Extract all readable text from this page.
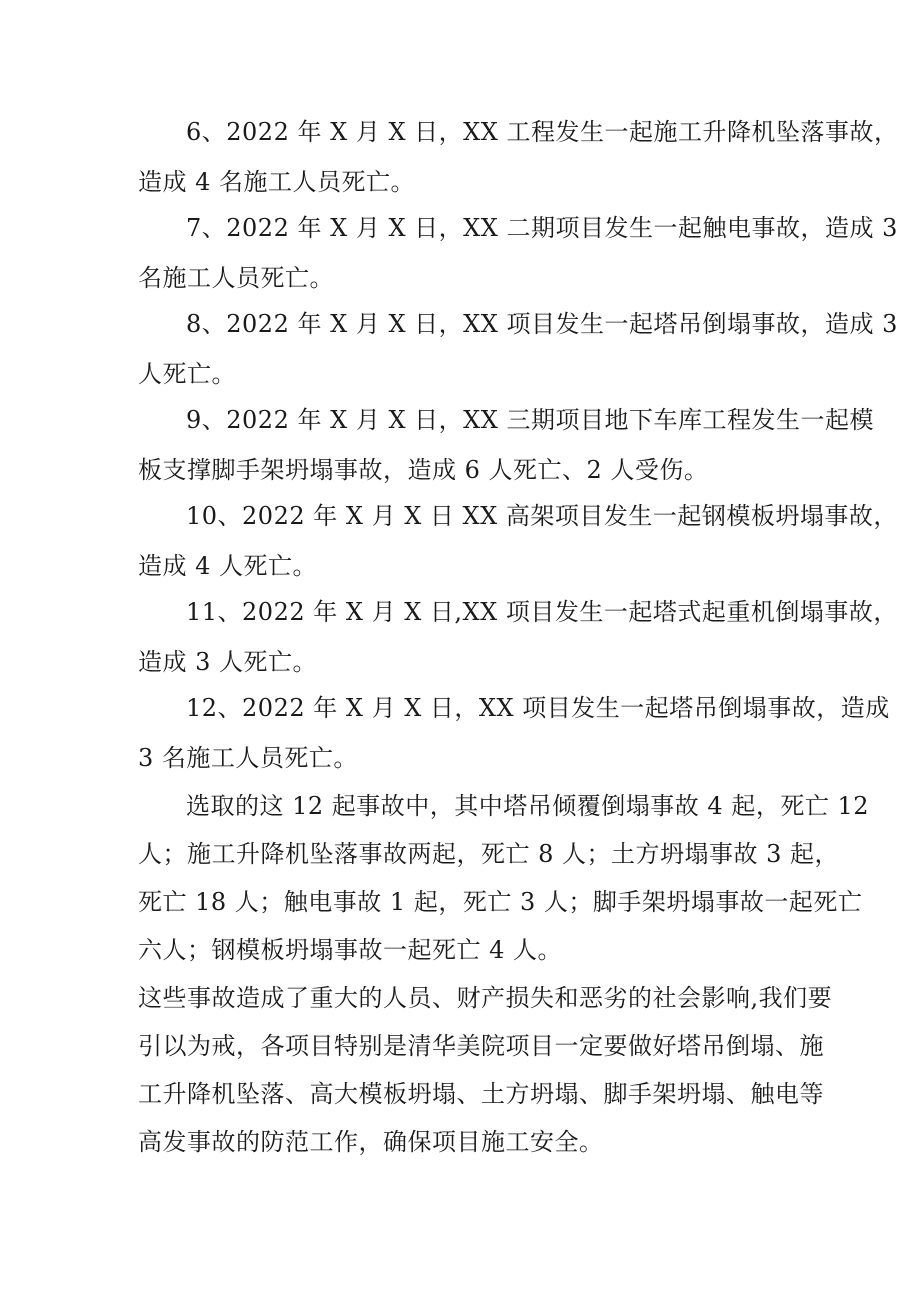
6、2022 年 X 月 X 日，XX 工程发生一起施工升降机坠落事故，
造成 4 名施工人员死亡。
7、2022 年 X 月 X 日，XX 二期项目发生一起触电事故，造成 3
名施工人员死亡。
8、2022 年 X 月 X 日，XX 项目发生一起塔吊倒塌事故，造成 3
人死亡。
9、2022 年 X 月 X 日，XX 三期项目地下车库工程发生一起模
板支撑脚手架坍塌事故，造成 6 人死亡、2 人受伤。
10、2022 年 X 月 X 日 XX 高架项目发生一起钢模板坍塌事故，
造成 4 人死亡。
11、2022 年 X 月 X 日,XX 项目发生一起塔式起重机倒塌事故，
造成 3 人死亡。
12、2022 年 X 月 X 日，XX 项目发生一起塔吊倒塌事故，造成
3 名施工人员死亡。
选取的这 12 起事故中，其中塔吊倾覆倒塌事故 4 起，死亡 12
人；施工升降机坠落事故两起，死亡 8 人；土方坍塌事故 3 起，
死亡 18 人；触电事故 1 起，死亡 3 人；脚手架坍塌事故一起死亡
六人；钢模板坍塌事故一起死亡 4 人。
这些事故造成了重大的人员、财产损失和恶劣的社会影响,我们要
引以为戒，各项目特别是清华美院项目一定要做好塔吊倒塌、施
工升降机坠落、高大模板坍塌、土方坍塌、脚手架坍塌、触电等
高发事故的防范工作，确保项目施工安全。
